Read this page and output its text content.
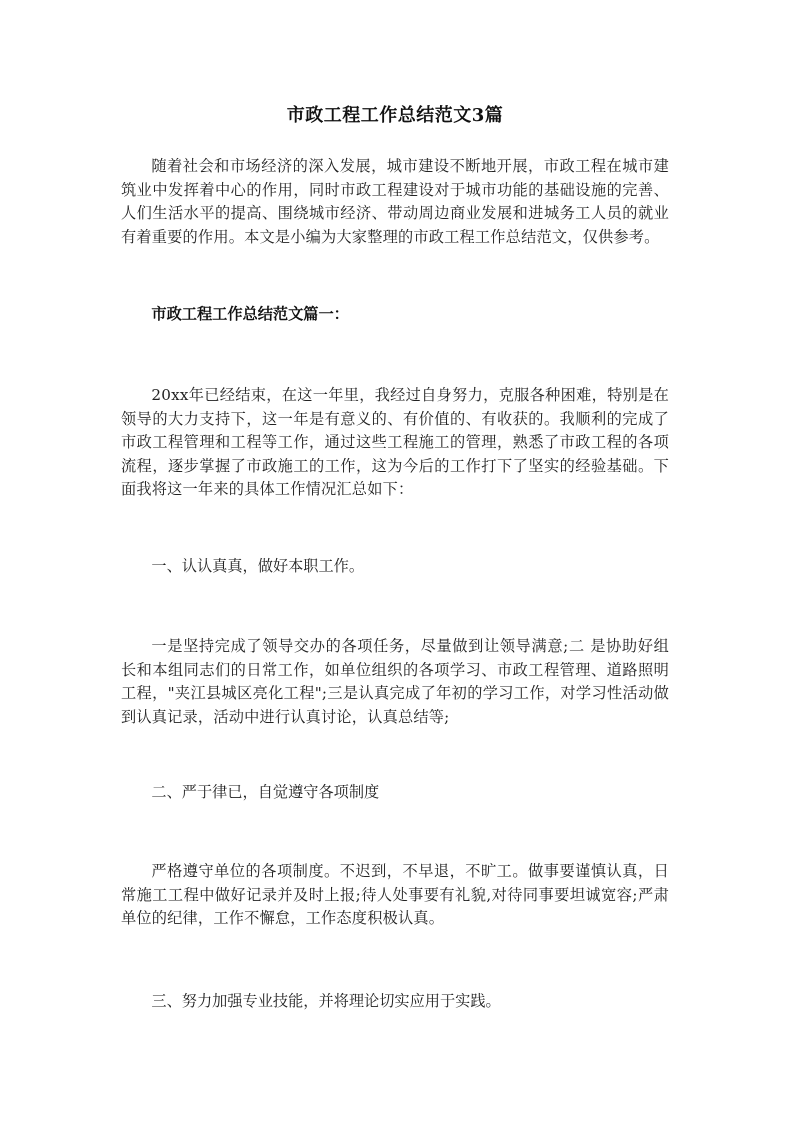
市政工程工作总结范文3篇

随着社会和市场经济的深入发展，城市建设不断地开展，市政工程在城市建筑业中发挥着中心的作用，同时市政工程建设对于城市功能的基础设施的完善、人们生活水平的提高、围绕城市经济、带动周边商业发展和进城务工人员的就业有着重要的作用。本文是小编为大家整理的市政工程工作总结范文，仅供参考。

市政工程工作总结范文篇一：

20xx年已经结束，在这一年里，我经过自身努力，克服各种困难，特别是在领导的大力支持下，这一年是有意义的、有价值的、有收获的。我顺利的完成了市政工程管理和工程等工作，通过这些工程施工的管理，熟悉了市政工程的各项流程，逐步掌握了市政施工的工作，这为今后的工作打下了坚实的经验基础。下面我将这一年来的具体工作情况汇总如下：

一、认认真真，做好本职工作。

一是坚持完成了领导交办的各项任务，尽量做到让领导满意;二 是协助好组长和本组同志们的日常工作，如单位组织的各项学习、市政工程管理、道路照明工程，"夹江县城区亮化工程";三是认真完成了年初的学习工作，对学习性活动做到认真记录，活动中进行认真讨论，认真总结等;

二、严于律已，自觉遵守各项制度

严格遵守单位的各项制度。不迟到，不早退，不旷工。做事要谨慎认真，日常施工工程中做好记录并及时上报;待人处事要有礼貌,对待同事要坦诚宽容;严肃单位的纪律，工作不懈怠，工作态度积极认真。

三、努力加强专业技能，并将理论切实应用于实践。
